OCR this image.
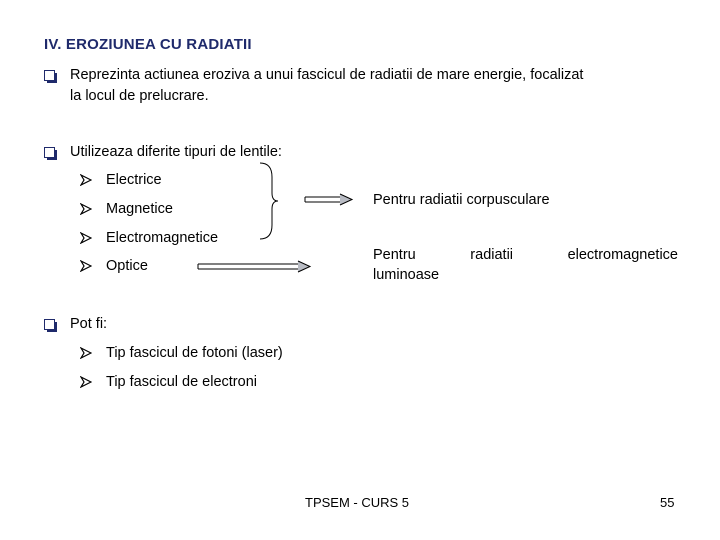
IV. EROZIUNEA CU RADIATII
Reprezinta actiunea eroziva a unui fascicul de radiatii de mare energie, focalizat
la locul de prelucrare.
Utilizeaza diferite tipuri de lentile:
Electrice
Magnetice
Electromagnetice
Optice
Pentru radiatii corpusculare
Pentru	radiatii	electromagnetice
luminoase
Pot fi:
Tip fascicul de fotoni (laser)
Tip fascicul de electroni
TPSEM - CURS 5	55
